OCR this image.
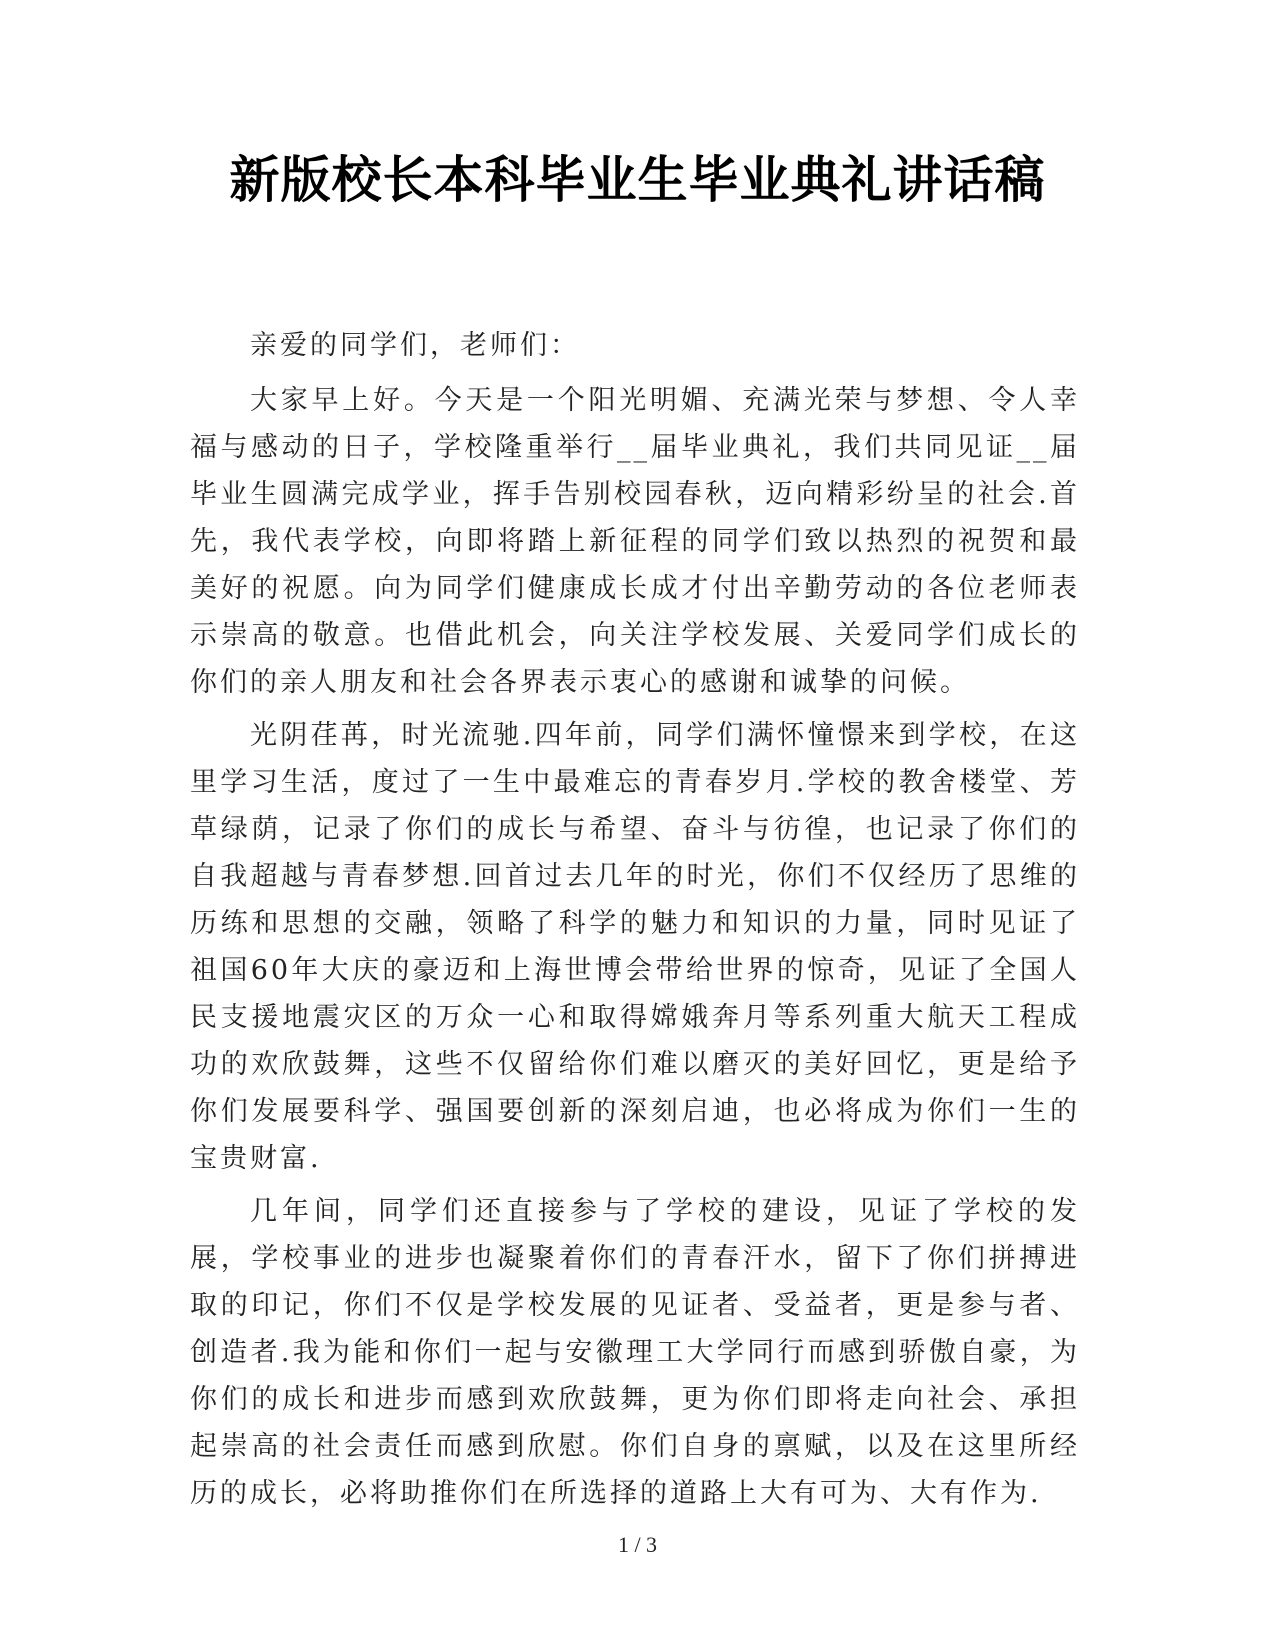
新版校长本科毕业生毕业典礼讲话稿

亲爱的同学们，老师们：

大家早上好。今天是一个阳光明媚、充满光荣与梦想、令人幸福与感动的日子，学校隆重举行__届毕业典礼，我们共同见证__届毕业生圆满完成学业，挥手告别校园春秋，迈向精彩纷呈的社会.首先，我代表学校，向即将踏上新征程的同学们致以热烈的祝贺和最美好的祝愿。向为同学们健康成长成才付出辛勤劳动的各位老师表示崇高的敬意。也借此机会，向关注学校发展、关爱同学们成长的你们的亲人朋友和社会各界表示衷心的感谢和诚挚的问候。

光阴荏苒，时光流驰.四年前，同学们满怀憧憬来到学校，在这里学习生活，度过了一生中最难忘的青春岁月.学校的教舍楼堂、芳草绿荫，记录了你们的成长与希望、奋斗与彷徨，也记录了你们的自我超越与青春梦想.回首过去几年的时光，你们不仅经历了思维的历练和思想的交融，领略了科学的魅力和知识的力量，同时见证了祖国60年大庆的豪迈和上海世博会带给世界的惊奇，见证了全国人民支援地震灾区的万众一心和取得嫦娥奔月等系列重大航天工程成功的欢欣鼓舞，这些不仅留给你们难以磨灭的美好回忆，更是给予你们发展要科学、强国要创新的深刻启迪，也必将成为你们一生的宝贵财富.

几年间，同学们还直接参与了学校的建设，见证了学校的发展，学校事业的进步也凝聚着你们的青春汗水，留下了你们拼搏进取的印记，你们不仅是学校发展的见证者、受益者，更是参与者、创造者.我为能和你们一起与安徽理工大学同行而感到骄傲自豪，为你们的成长和进步而感到欢欣鼓舞，更为你们即将走向社会、承担起崇高的社会责任而感到欣慰。你们自身的禀赋，以及在这里所经历的成长，必将助推你们在所选择的道路上大有可为、大有作为.

1 / 3
